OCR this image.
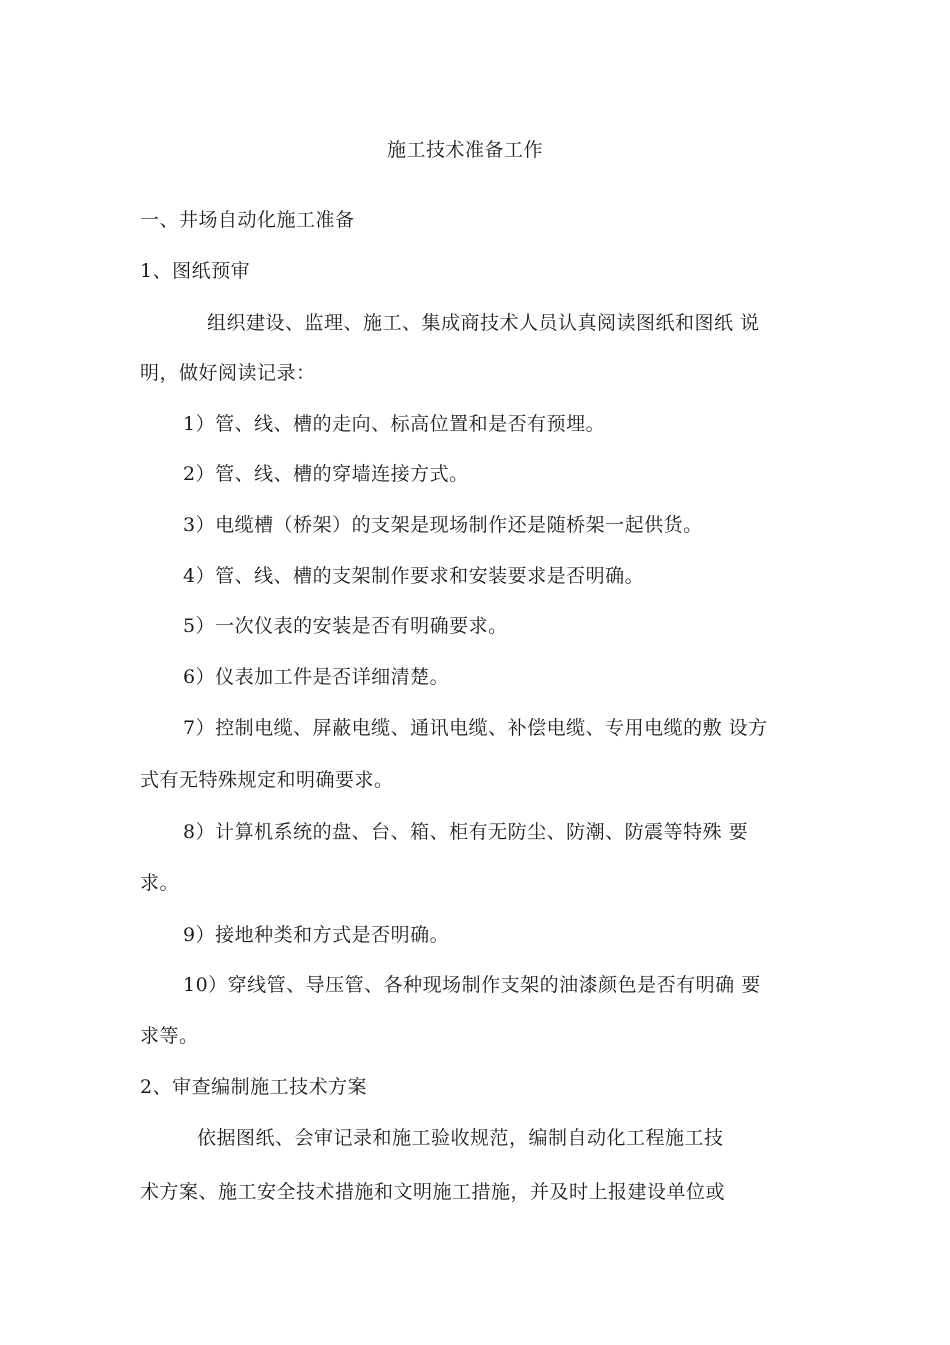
施工技术准备工作
一、井场自动化施工准备
1、图纸预审
组织建设、监理、施工、集成商技术人员认真阅读图纸和图纸 说
明，做好阅读记录：
1）管、线、槽的走向、标高位置和是否有预埋。
2）管、线、槽的穿墙连接方式。
3）电缆槽（桥架）的支架是现场制作还是随桥架一起供货。
4）管、线、槽的支架制作要求和安装要求是否明确。
5）一次仪表的安装是否有明确要求。
6）仪表加工件是否详细清楚。
7）控制电缆、屏蔽电缆、通讯电缆、补偿电缆、专用电缆的敷 设方
式有无特殊规定和明确要求。
8）计算机系统的盘、台、箱、柜有无防尘、防潮、防震等特殊 要
求。
9）接地种类和方式是否明确。
10）穿线管、导压管、各种现场制作支架的油漆颜色是否有明确 要
求等。
2、审查编制施工技术方案
依据图纸、会审记录和施工验收规范，编制自动化工程施工技
术方案、施工安全技术措施和文明施工措施，并及时上报建设单位或
